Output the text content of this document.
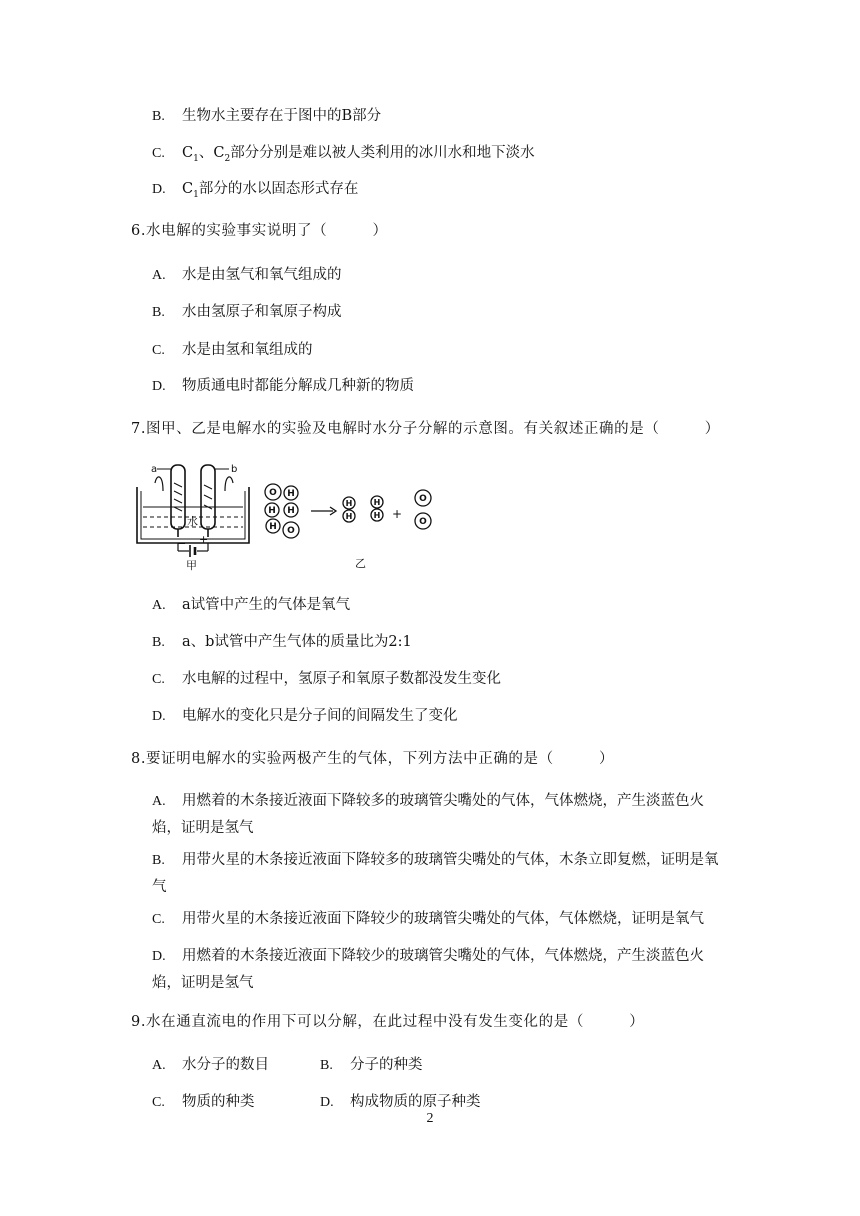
B. 生物水主要存在于图中的B部分
C. $C_1$、$C_2$部分分别是难以被人类利用的冰川水和地下淡水
D. $C_1$部分的水以固态形式存在
6.水电解的实验事实说明了（　　　）
A. 水是由氢气和氧气组成的
B. 水由氢原子和氧原子构成
C. 水是由氢和氧组成的
D. 物质通电时都能分解成几种新的物质
7.图甲、乙是电解水的实验及电解时水分子分解的示意图。有关叙述正确的是（　　　）
a	b
水
− +
甲
O H
H H
H O
H
H
H
H +
O
O
乙
A. a试管中产生的气体是氧气
B. a、b试管中产生气体的质量比为2:1
C. 水电解的过程中，氢原子和氧原子数都没发生变化
D. 电解水的变化只是分子间的间隔发生了变化
8.要证明电解水的实验两极产生的气体，下列方法中正确的是（　　　）
A. 用燃着的木条接近液面下降较多的玻璃管尖嘴处的气体，气体燃烧，产生淡蓝色火焰，证明是氢气
B. 用带火星的木条接近液面下降较多的玻璃管尖嘴处的气体，木条立即复燃，证明是氧气
C. 用带火星的木条接近液面下降较少的玻璃管尖嘴处的气体，气体燃烧，证明是氧气
D. 用燃着的木条接近液面下降较少的玻璃管尖嘴处的气体，气体燃烧，产生淡蓝色火焰，证明是氢气
9.水在通直流电的作用下可以分解，在此过程中没有发生变化的是（　　　）
A. 水分子的数目	B. 分子的种类
C. 物质的种类	D. 构成物质的原子种类
2
